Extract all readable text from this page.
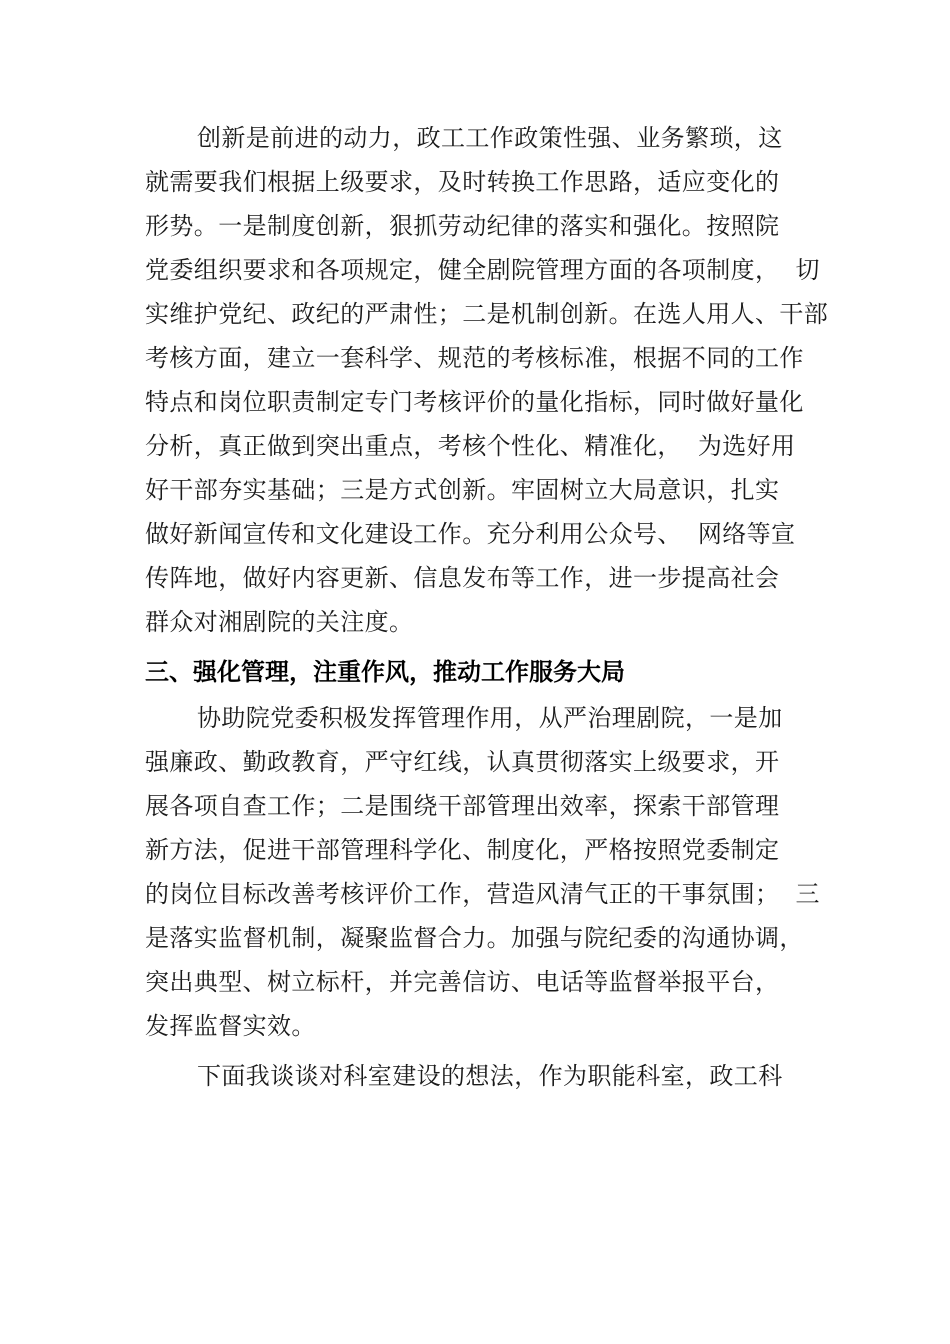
创新是前进的动力，政工工作政策性强、业务繁琐，这
就需要我们根据上级要求，及时转换工作思路，适应变化的
形势。一是制度创新，狠抓劳动纪律的落实和强化。按照院
党委组织要求和各项规定，健全剧院管理方面的各项制度，  切
实维护党纪、政纪的严肃性；二是机制创新。在选人用人、干部
考核方面，建立一套科学、规范的考核标准，根据不同的工作
特点和岗位职责制定专门考核评价的量化指标，同时做好量化
分析，真正做到突出重点，考核个性化、精准化，  为选好用
好干部夯实基础；三是方式创新。牢固树立大局意识，扎实
做好新闻宣传和文化建设工作。充分利用公众号、  网络等宣
传阵地，做好内容更新、信息发布等工作，进一步提高社会
群众对湘剧院的关注度。
三、强化管理，注重作风，推动工作服务大局
协助院党委积极发挥管理作用，从严治理剧院，一是加
强廉政、勤政教育，严守红线，认真贯彻落实上级要求，开
展各项自查工作；二是围绕干部管理出效率，探索干部管理
新方法，促进干部管理科学化、制度化，严格按照党委制定
的岗位目标改善考核评价工作，营造风清气正的干事氛围；  三
是落实监督机制，凝聚监督合力。加强与院纪委的沟通协调，
突出典型、树立标杆，并完善信访、电话等监督举报平台，
发挥监督实效。
下面我谈谈对科室建设的想法，作为职能科室，政工科
